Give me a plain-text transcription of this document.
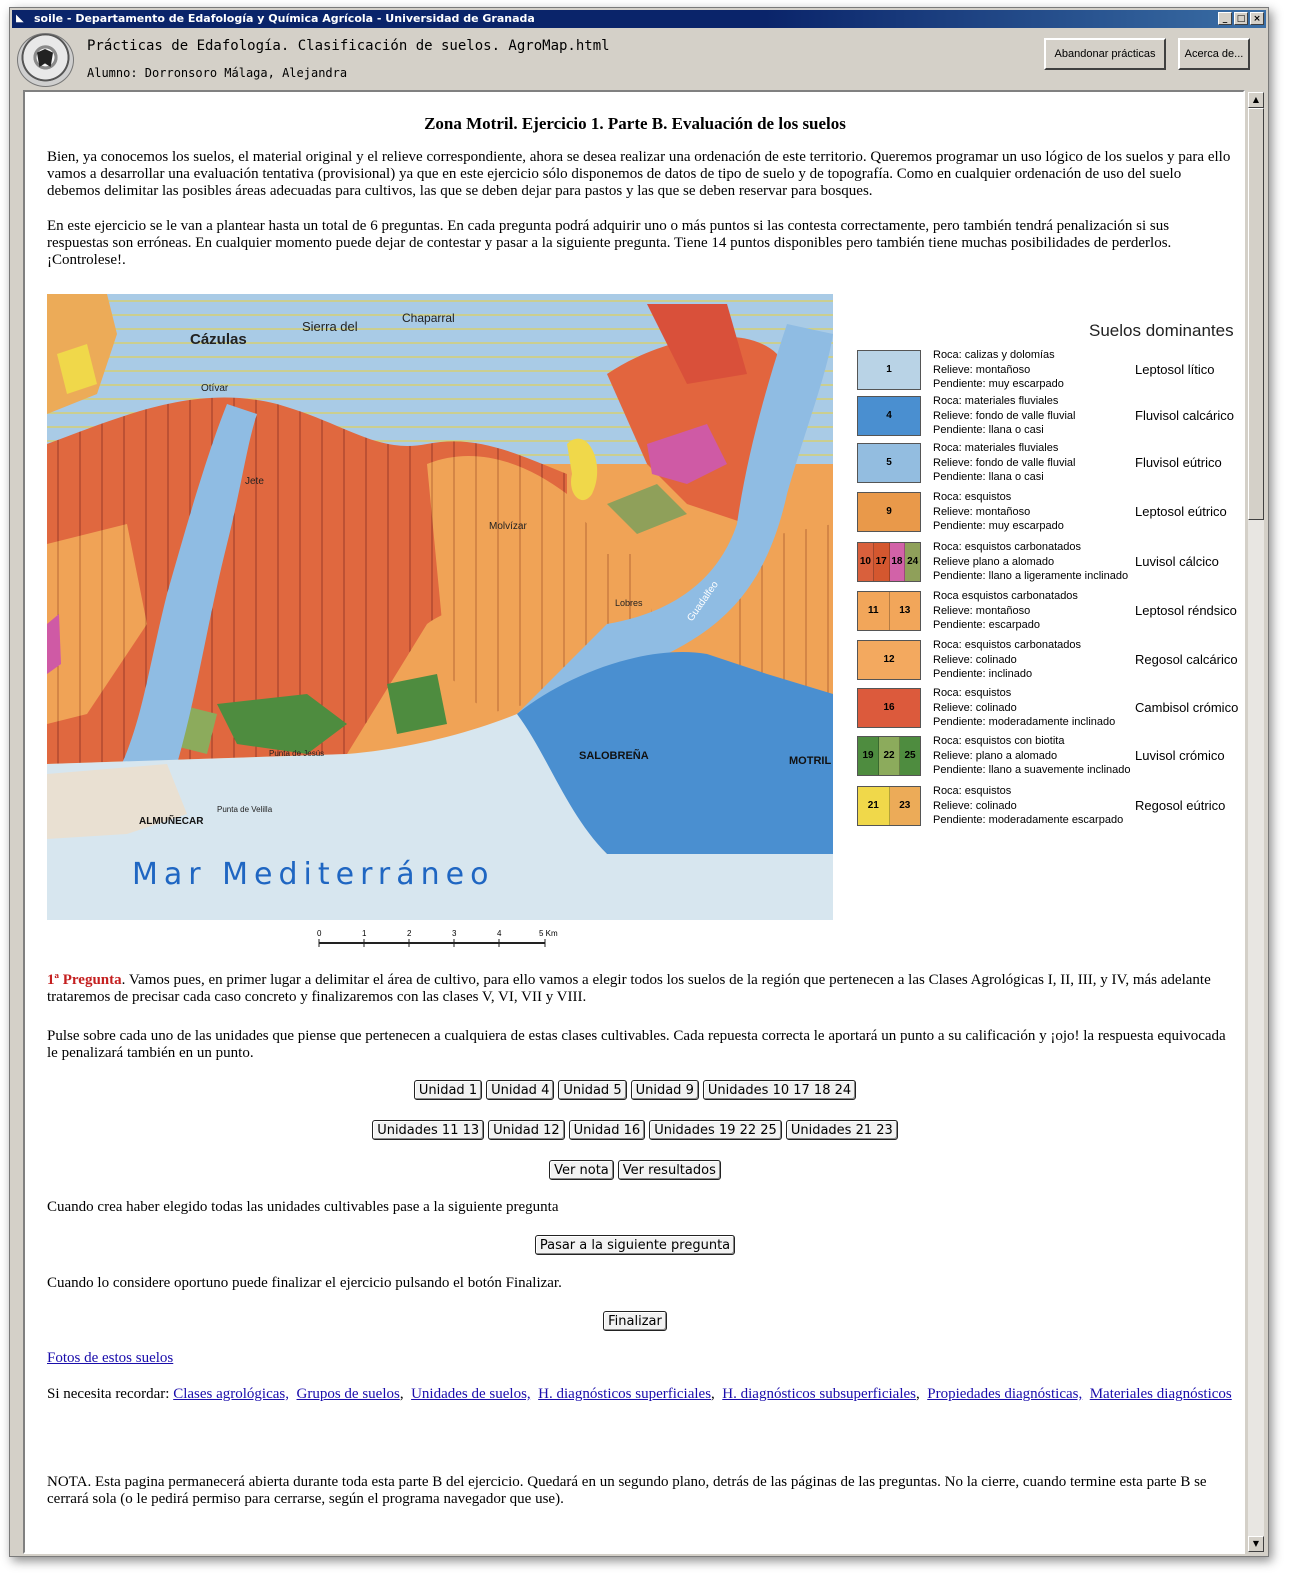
◣ soile - Departamento de Edafología y Química Agrícola - Universidad de Granada	_	□ ×
Prácticas de Edafología. Clasificación de suelos. AgroMap.html
Alumno: Dorronsoro Málaga, Alejandra
Abandonar prácticas	Acerca de...
Zona Motril. Ejercicio 1. Parte B. Evaluación de los suelos
Bien, ya conocemos los suelos, el material original y el relieve correspondiente, ahora se desea realizar una ordenación de este territorio. Queremos programar un uso lógico de los suelos y para ello vamos a desarrollar una evaluación tentativa (provisional) ya que en este ejercicio sólo disponemos de datos de tipo de suelo y de topografía. Como en cualquier ordenación de uso del suelo debemos delimitar las posibles áreas adecuadas para cultivos, las que se deben dejar para pastos y las que se deben reservar para bosques.
En este ejercicio se le van a plantear hasta un total de 6 preguntas. En cada pregunta podrá adquirir uno o más puntos si las contesta correctamente, pero también tendrá penalización si sus respuestas son erróneas. En cualquier momento puede dejar de contestar y pasar a la siguiente pregunta. Tiene 14 puntos disponibles pero también tiene muchas posibilidades de perderlos. ¡Controlese!.
Cázulas
Sierra del
Chaparral
Otívar
Jete
Molvízar
Lobres
SALOBREÑA
ALMUÑECAR
MOTRIL
Guadalfeo
Punta de Jesús
Punta de Velilla
Mar Mediterráneo
0	1	2	3	4	5 Km
Suelos dominantes
1ª Pregunta. Vamos pues, en primer lugar a delimitar el área de cultivo, para ello vamos a elegir todos los suelos de la región que pertenecen a las Clases Agrológicas I, II, III, y IV, más adelante trataremos de precisar cada caso concreto y finalizaremos con las clases V, VI, VII y VIII.
Pulse sobre cada uno de las unidades que piense que pertenecen a cualquiera de estas clases cultivables. Cada repuesta correcta le aportará un punto a su calificación y ¡ojo! la respuesta equivocada le penalizará también en un punto.
Unidad 1	Unidad 4	Unidad 5	Unidad 9	Unidades 10 17 18 24
Unidades 11 13	Unidad 12	Unidad 16	Unidades 19 22 25	Unidades 21 23
Ver nota	Ver resultados
Cuando crea haber elegido todas las unidades cultivables pase a la siguiente pregunta
Pasar a la siguiente pregunta
Cuando lo considere oportuno puede finalizar el ejercicio pulsando el botón Finalizar.
Finalizar
Fotos de estos suelos
Si necesita recordar: Clases agrológicas, Grupos de suelos,  Unidades de suelos, H. diagnósticos superficiales,  H. diagnósticos subsuperficiales,  Propiedades diagnósticas, Materiales diagnósticos
NOTA. Esta pagina permanecerá abierta durante toda esta parte B del ejercicio. Quedará en un segundo plano, detrás de las páginas de las preguntas. No la cierre, cuando termine esta parte B se cerrará sola (o le pedirá permiso para cerrarse, según el programa navegador que use).
1
Roca: calizas y dolomías
Relieve: montañoso
Pendiente: muy escarpado
Leptosol lítico
4
Roca: materiales fluviales
Relieve: fondo de valle fluvial
Pendiente: llana o casi
Fluvisol calcárico
5
Roca: materiales fluviales
Relieve: fondo de valle fluvial
Pendiente: llana o casi
Fluvisol eútrico
9
Roca: esquistos
Relieve: montañoso
Pendiente: muy escarpado
Leptosol eútrico
10 17 18 24
Roca: esquistos carbonatados
Relieve plano a alomado
Pendiente: llano a ligeramente inclinado
Luvisol cálcico
11	13
Roca esquistos carbonatados
Relieve: montañoso
Pendiente: escarpado
Leptosol réndsico
12
Roca: esquistos carbonatados
Relieve: colinado
Pendiente: inclinado
Regosol calcárico
16
Roca: esquistos
Relieve: colinado
Pendiente: moderadamente inclinado
Cambisol crómico
19 22 25
Roca: esquistos con biotita
Relieve: plano a alomado
Pendiente: llano a suavemente inclinado
Luvisol crómico
21	23
Roca: esquistos
Relieve: colinado
Pendiente: moderadamente escarpado
Regosol eútrico
▲
▼
